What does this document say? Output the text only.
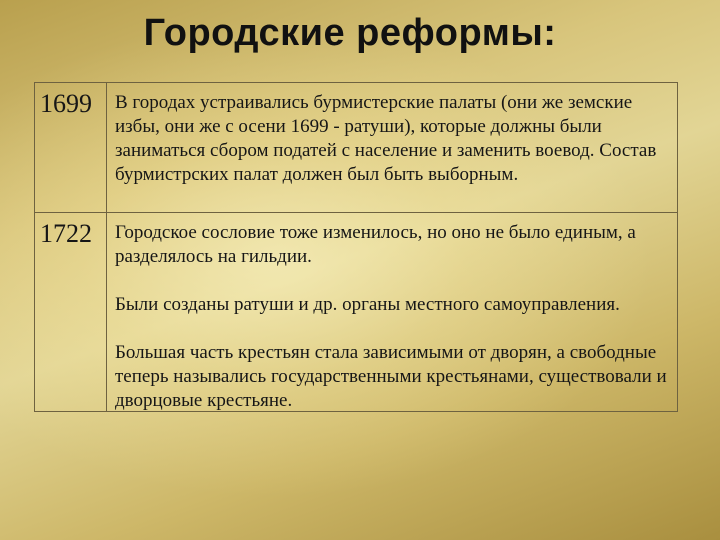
Городские реформы:
1699 В городах устраивались бурмистерские палаты (они же земские избы, они же с осени 1699 - ратуши), которые должны были заниматься сбором податей с население и заменить воевод. Состав бурмистрских палат должен был быть выборным.

1722 Городское сословие тоже изменилось, но оно не было единым, а разделялось на гильдии.

Были созданы ратуши и др. органы местного самоуправления.

Большая часть крестьян стала зависимыми от дворян, а свободные теперь назывались государственными крестьянами, существовали и дворцовые крестьяне.
